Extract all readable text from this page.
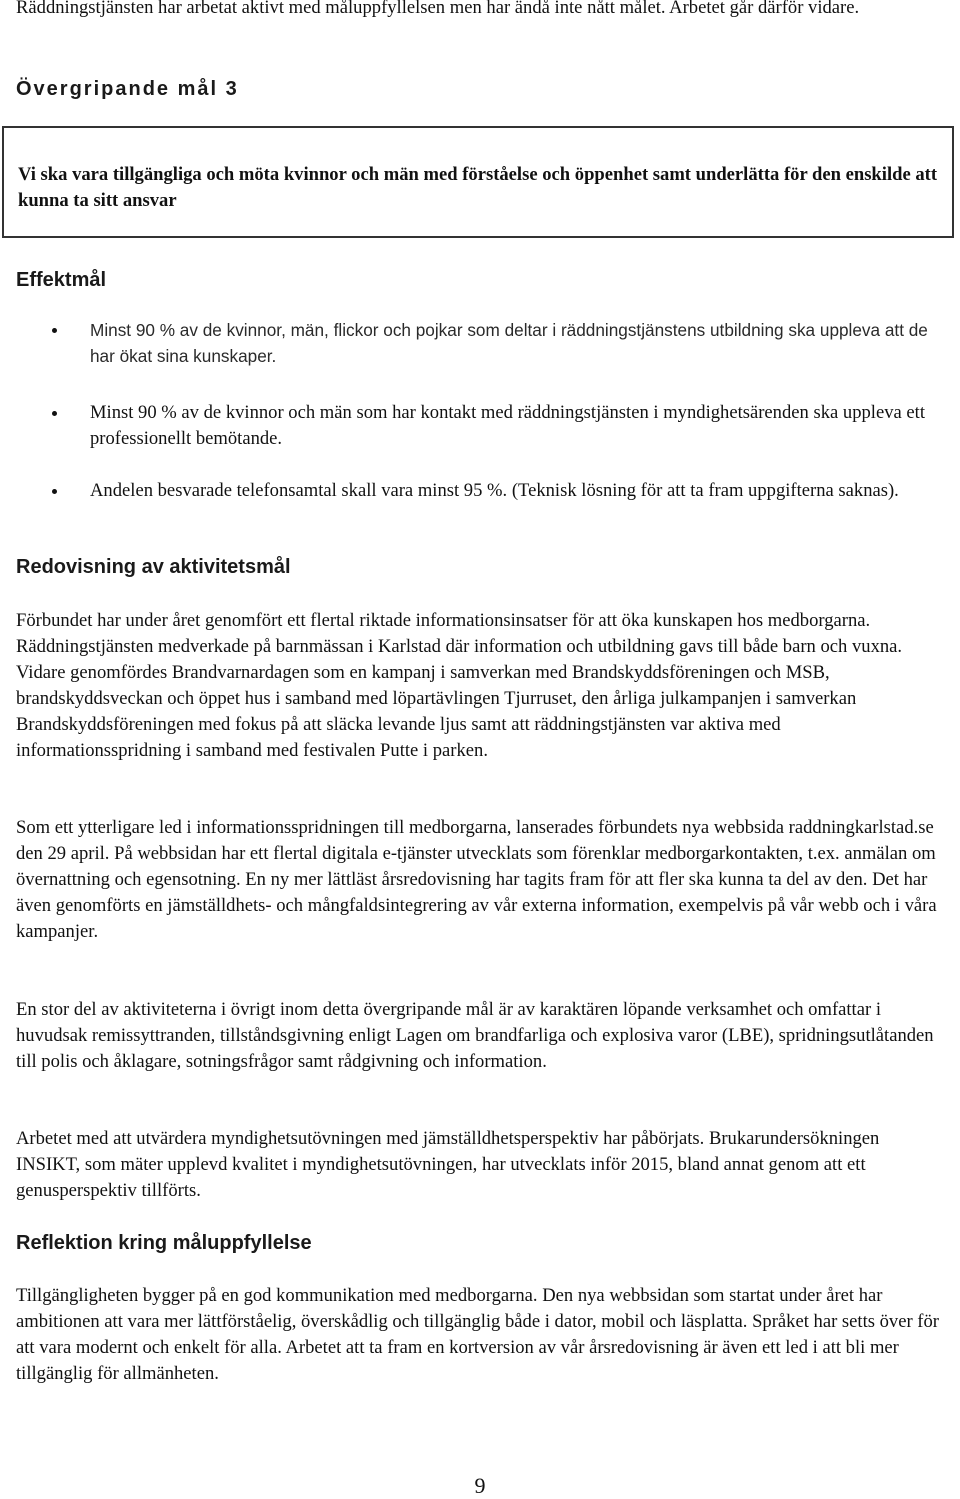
Räddningstjänsten har arbetat aktivt med måluppfyllelsen men har ändå inte nått målet. Arbetet går därför vidare.

Övergripande mål 3

Vi ska vara tillgängliga och möta kvinnor och män med förståelse och öppenhet samt underlätta för den enskilde att kunna ta sitt ansvar

Effektmål

Minst 90 % av de kvinnor, män, flickor och pojkar som deltar i räddningstjänstens utbildning ska uppleva att de har ökat sina kunskaper.

Minst 90 % av de kvinnor och män som har kontakt med räddningstjänsten i myndighetsärenden ska uppleva ett professionellt bemötande.

Andelen besvarade telefonsamtal skall vara minst 95 %. (Teknisk lösning för att ta fram uppgifterna saknas).

Redovisning av aktivitetsmål

Förbundet har under året genomfört ett flertal riktade informationsinsatser för att öka kunskapen hos medborgarna. Räddningstjänsten medverkade på barnmässan i Karlstad där information och utbildning gavs till både barn och vuxna. Vidare genomfördes Brandvarnardagen som en kampanj i samverkan med Brandskyddsföreningen och MSB, brandskyddsveckan och öppet hus i samband med löpartävlingen Tjurruset, den årliga julkampanjen i samverkan Brandskyddsföreningen med fokus på att släcka levande ljus samt att räddningstjänsten var aktiva med informationsspridning i samband med festivalen Putte i parken.

Som ett ytterligare led i informationsspridningen till medborgarna, lanserades förbundets nya webbsida raddningkarlstad.se den 29 april. På webbsidan har ett flertal digitala e-tjänster utvecklats som förenklar medborgarkontakten, t.ex. anmälan om övernattning och egensotning. En ny mer lättläst årsredovisning har tagits fram för att fler ska kunna ta del av den. Det har även genomförts en jämställdhets- och mångfaldsintegrering av vår externa information, exempelvis på vår webb och i våra kampanjer.

En stor del av aktiviteterna i övrigt inom detta övergripande mål är av karaktären löpande verksamhet och omfattar i huvudsak remissyttranden, tillståndsgivning enligt Lagen om brandfarliga och explosiva varor (LBE), spridningsutlåtanden till polis och åklagare, sotningsfrågor samt rådgivning och information.

Arbetet med att utvärdera myndighetsutövningen med jämställdhetsperspektiv har påbörjats. Brukarundersökningen INSIKT, som mäter upplevd kvalitet i myndighetsutövningen, har utvecklats inför 2015, bland annat genom att ett genusperspektiv tillförts.

Reflektion kring måluppfyllelse

Tillgängligheten bygger på en god kommunikation med medborgarna. Den nya webbsidan som startat under året har ambitionen att vara mer lättförståelig, överskådlig och tillgänglig både i dator, mobil och läsplatta. Språket har setts över för att vara modernt och enkelt för alla. Arbetet att ta fram en kortversion av vår årsredovisning är även ett led i att bli mer tillgänglig för allmänheten.

9
